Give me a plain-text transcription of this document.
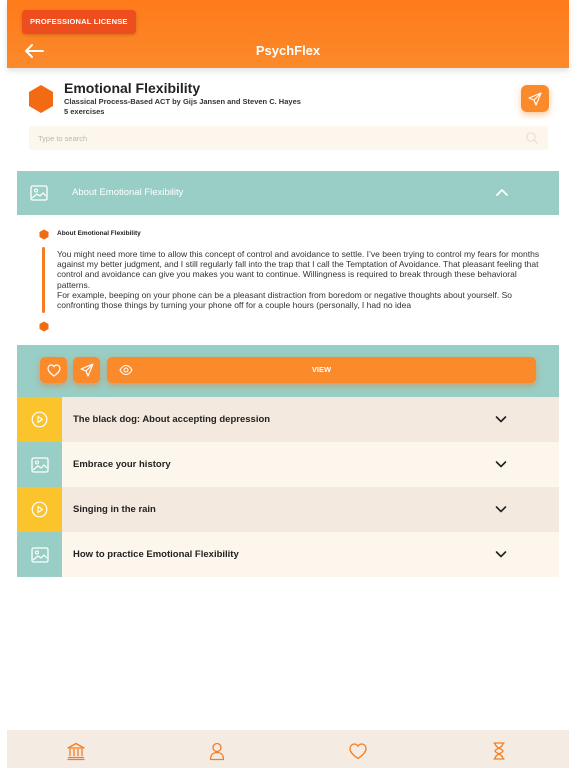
PROFESSIONAL LICENSE
PsychFlex
Emotional Flexibility
Classical Process-Based ACT by Gijs Jansen and Steven C. Hayes
5 exercises
Type to search
About Emotional Flexibility
About Emotional Flexibility

You might need more time to allow this concept of control and avoidance to settle. I’ve been trying to control my fears for months against my better judgment, and I still regularly fall into the trap that I call the Temptation of Avoidance. That pleasant feeling that control and avoidance can give you makes you want to continue. Willingness is required to break through these behavioral patterns.

For example, beeping on your phone can be a pleasant distraction from boredom or negative thoughts about yourself. So confronting those things by turning your phone off for a couple hours (personally, I had no idea

VIEW
The black dog: About accepting depression
Embrace your history
Singing in the rain
How to practice Emotional Flexibility
